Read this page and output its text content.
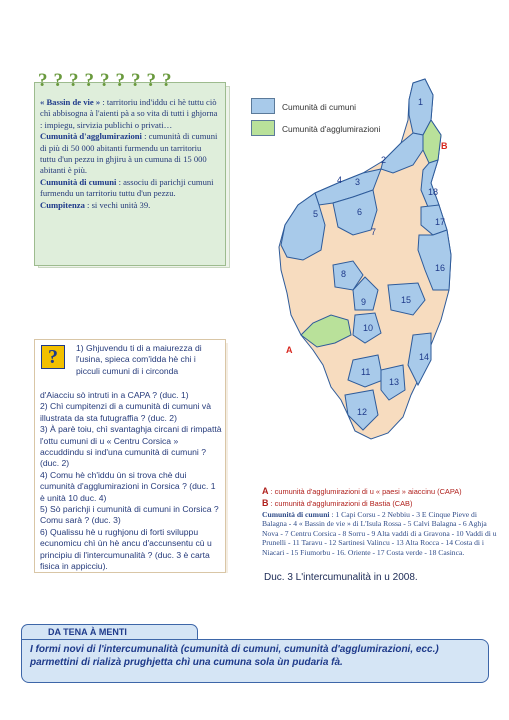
? ? ? ? ? ? ? ? ?

« Bassin de vie » : tarritoriu ind'iddu ci hè tuttu ciò chì abbisogna à l'aienti pà a so vita di tutti i ghjorna : impiegu, sirvizia publichi o privati…

Cumunità d'agglumirazioni : cumunità di cumuni di più di 50 000 abitanti furmendu un tarritoriu tuttu d'un pezzu in ghjiru à un cumuna di 15 000 abitanti è più.

Cumunità di cumuni : associu di parichji cumuni furmendu un tarritoriu tuttu d'un pezzu.

Cumpitenza : si vechi unità 39.

?	1) Ghjuvendu ti di a maiurezza di l'usina, spieca com'idda hè chi i picculi cumuni di i circonda

d'Aiacciu sò intruti in a CAPA ? (duc. 1)

2) Chì cumpitenzi di a cumunità di cumuni và illustrata da sta futugraffia ? (duc. 2)

3) À parè toiu, chì svantaghja circani di rimpattà l'ottu cumuni di u « Centru Corsica » accuddindu si ind'una cumunità di cumuni ? (duc. 2)

4) Comu hè ch'iddu ùn si trova chè dui cumunità d'agglumirazioni in Corsica ? (duc. 1 è unità 10 duc. 4)

5) Sò parichji i cumunità di cumuni in Corsica ? Comu sarà ? (duc. 3)

6) Qualissu hè u rughjonu di forti sviluppu ecunomicu chì ùn hè ancu d'accunsentu cù u principiu di l'intercumunalità ? (duc. 3 è carta fisica in appicciu).

Cumunità di cumuni
Cumunità d'agglumirazioni
1
2
3
4
5	6
7
8
9
10
11
12
13
14
15
16
17
18
B
A
A : cumunità d'agglumirazioni di u « paesi » aiaccinu (CAPA)
B : cumunità d'agglumirazioni di Bastia (CAB)
Cumunità di cumuni : 1 Capi Corsu - 2 Nebbiu - 3 E Cinque Pieve di Balagna - 4 « Bassin de vie » di L'Isula Rossa - 5 Calvi Balagna - 6 Aghja Nova - 7 Centru Corsica - 8 Sorru - 9 Alta vaddi di a Gravona - 10 Vaddi di u Prunelli - 11 Taravu - 12 Sartinesi Valincu - 13 Alta Rocca - 14 Costa di i Niacari - 15 Fiumorbu - 16. Oriente - 17 Costa verde - 18 Casinca.
Duc. 3 L'intercumunalità in u 2008.
DA TENA À MENTI
I formi novi di l'intercumunalità (cumunità di cumuni, cumunità d'agglumirazioni, ecc.) parmettini di rializà prughjetta chì una cumuna sola ùn pudaria fà.
